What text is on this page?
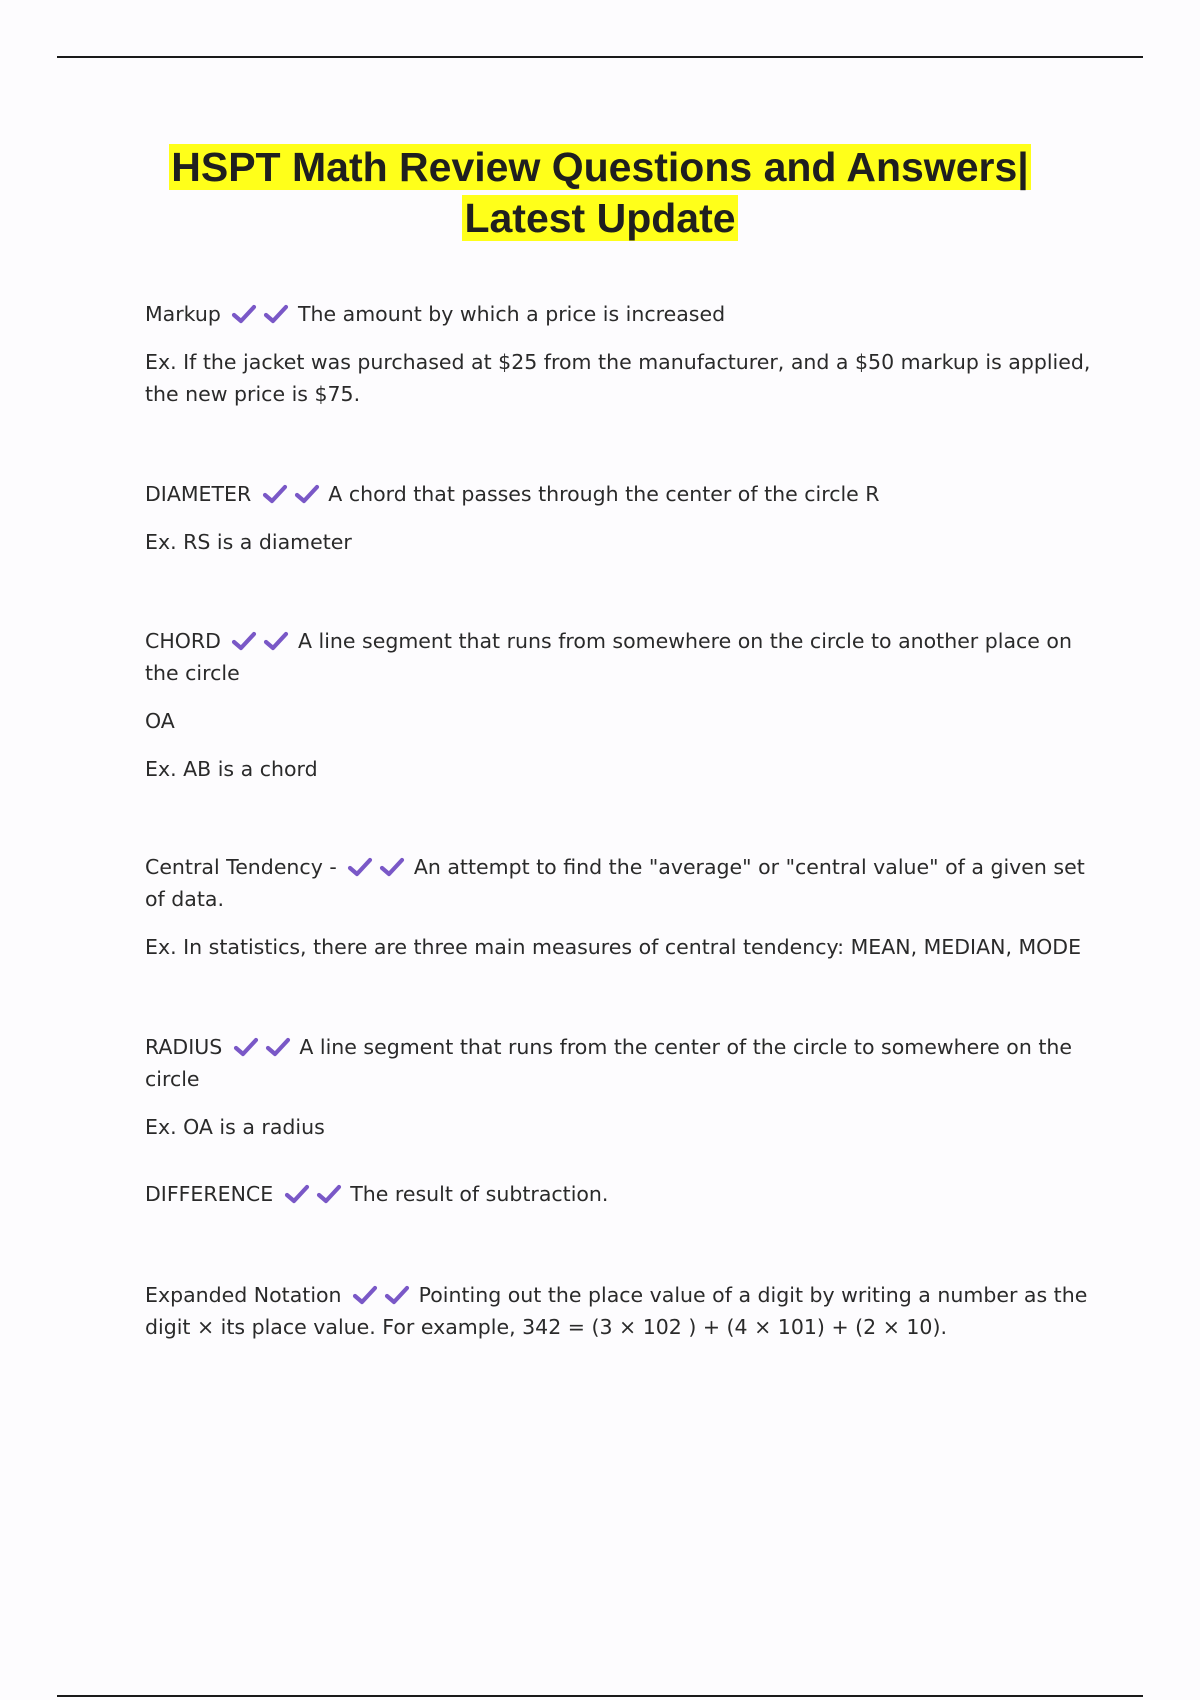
HSPT Math Review Questions and Answers|
Latest Update

Markup	The amount by which a price is increased

Ex. If the jacket was purchased at $25 from the manufacturer, and a $50 markup is applied, the new price is $75.

DIAMETER	A chord that passes through the center of the circle R

Ex. RS is a diameter

CHORD	A line segment that runs from somewhere on the circle to another place on the circle

OA

Ex. AB is a chord

Central Tendency -	An attempt to find the "average" or "central value" of a given set of data.

Ex. In statistics, there are three main measures of central tendency: MEAN, MEDIAN, MODE

RADIUS	A line segment that runs from the center of the circle to somewhere on the circle

Ex. OA is a radius

DIFFERENCE	The result of subtraction.

Expanded Notation	Pointing out the place value of a digit by writing a number as the digit × its place value. For example, 342 = (3 × 102 ) + (4 × 101) + (2 × 10).
